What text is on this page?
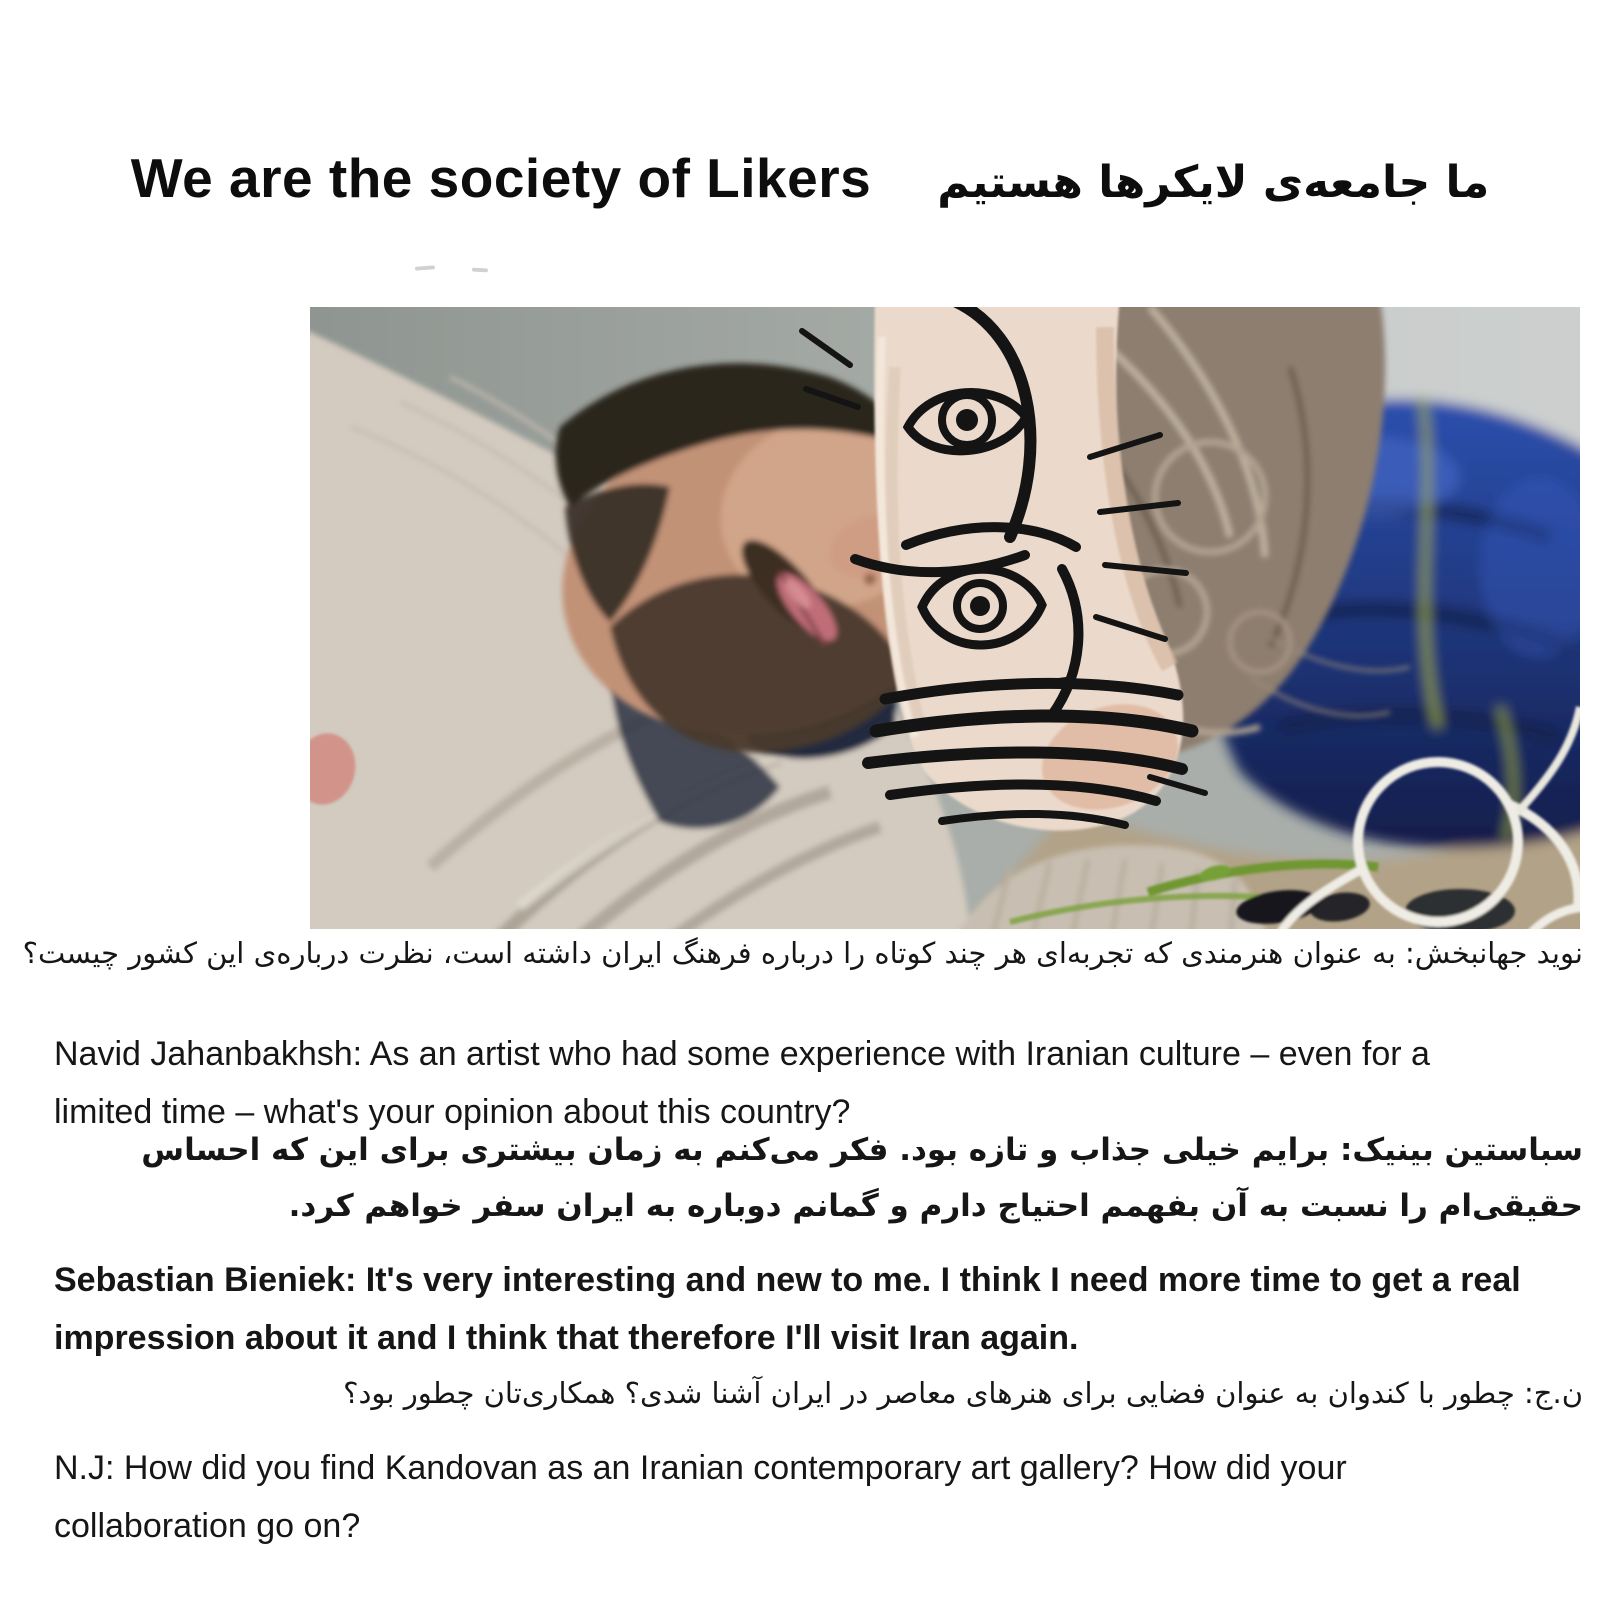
We are the society of Likers ما جامعه‌ی لایکرها هستیم

نوید جهانبخش: به عنوان هنرمندی که تجربه‌ای هر چند کوتاه را درباره فرهنگ ایران داشته است، نظرت درباره‌ی این کشور چیست؟

Navid Jahanbakhsh: As an artist who had some experience with Iranian culture – even for a limited time – what's your opinion about this country?

سباستین بینیک: برایم خیلی جذاب و تازه بود. فکر می‌کنم به زمان بیشتری برای این که احساس حقیقی‌ام را نسبت به آن بفهمم احتیاج دارم و گمانم دوباره به ایران سفر خواهم کرد.

Sebastian Bieniek: It's very interesting and new to me. I think I need more time to get a real impression about it and I think that therefore I'll visit Iran again.

ن.ج: چطور با کندوان به عنوان فضایی برای هنرهای معاصر در ایران آشنا شدی؟ همکاری‌تان چطور بود؟

N.J: How did you find Kandovan as an Iranian contemporary art gallery? How did your collaboration go on?
